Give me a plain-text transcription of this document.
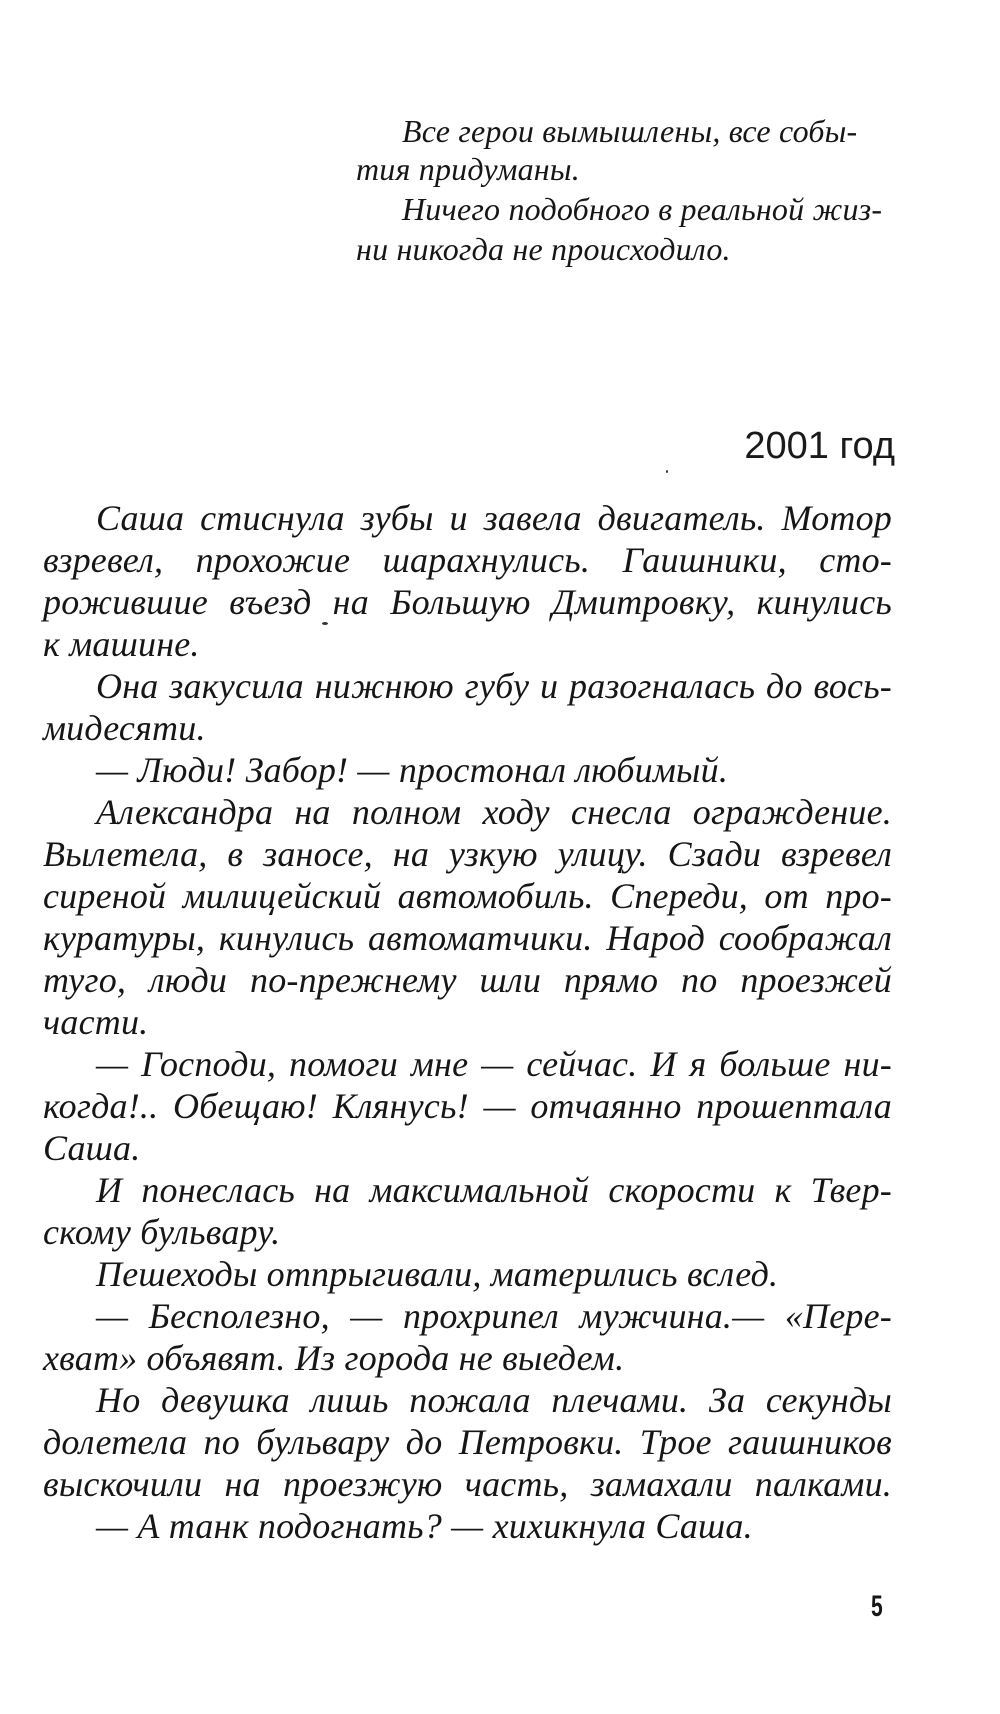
Все герои вымышлены, все собы-
тия придуманы.
Ничего подобного в реальной жиз-
ни никогда не происходило.
2001 год
Саша стиснула зубы и завела двигатель. Мотор
взревел, прохожие шарахнулись. Гаишники, сто-
рожившие въезд на Большую Дмитровку, кинулись
к машине.
Она закусила нижнюю губу и разогналась до вось-
мидесяти.
— Люди! Забор! — простонал любимый.
Александра на полном ходу снесла ограждение.
Вылетела, в заносе, на узкую улицу. Сзади взревел
сиреной милицейский автомобиль. Спереди, от про-
куратуры, кинулись автоматчики. Народ соображал
туго, люди по-прежнему шли прямо по проезжей
части.
— Господи, помоги мне — сейчас. И я больше ни-
когда!.. Обещаю! Клянусь! — отчаянно прошептала
Саша.
И понеслась на максимальной скорости к Твер-
скому бульвару.
Пешеходы отпрыгивали, матерились вслед.
— Бесполезно, — прохрипел мужчина.— «Пере-
хват» объявят. Из города не выедем.
Но девушка лишь пожала плечами. За секунды
долетела по бульвару до Петровки. Трое гаишников
выскочили на проезжую часть, замахали палками.
— А танк подогнать? — хихикнула Саша.
5
